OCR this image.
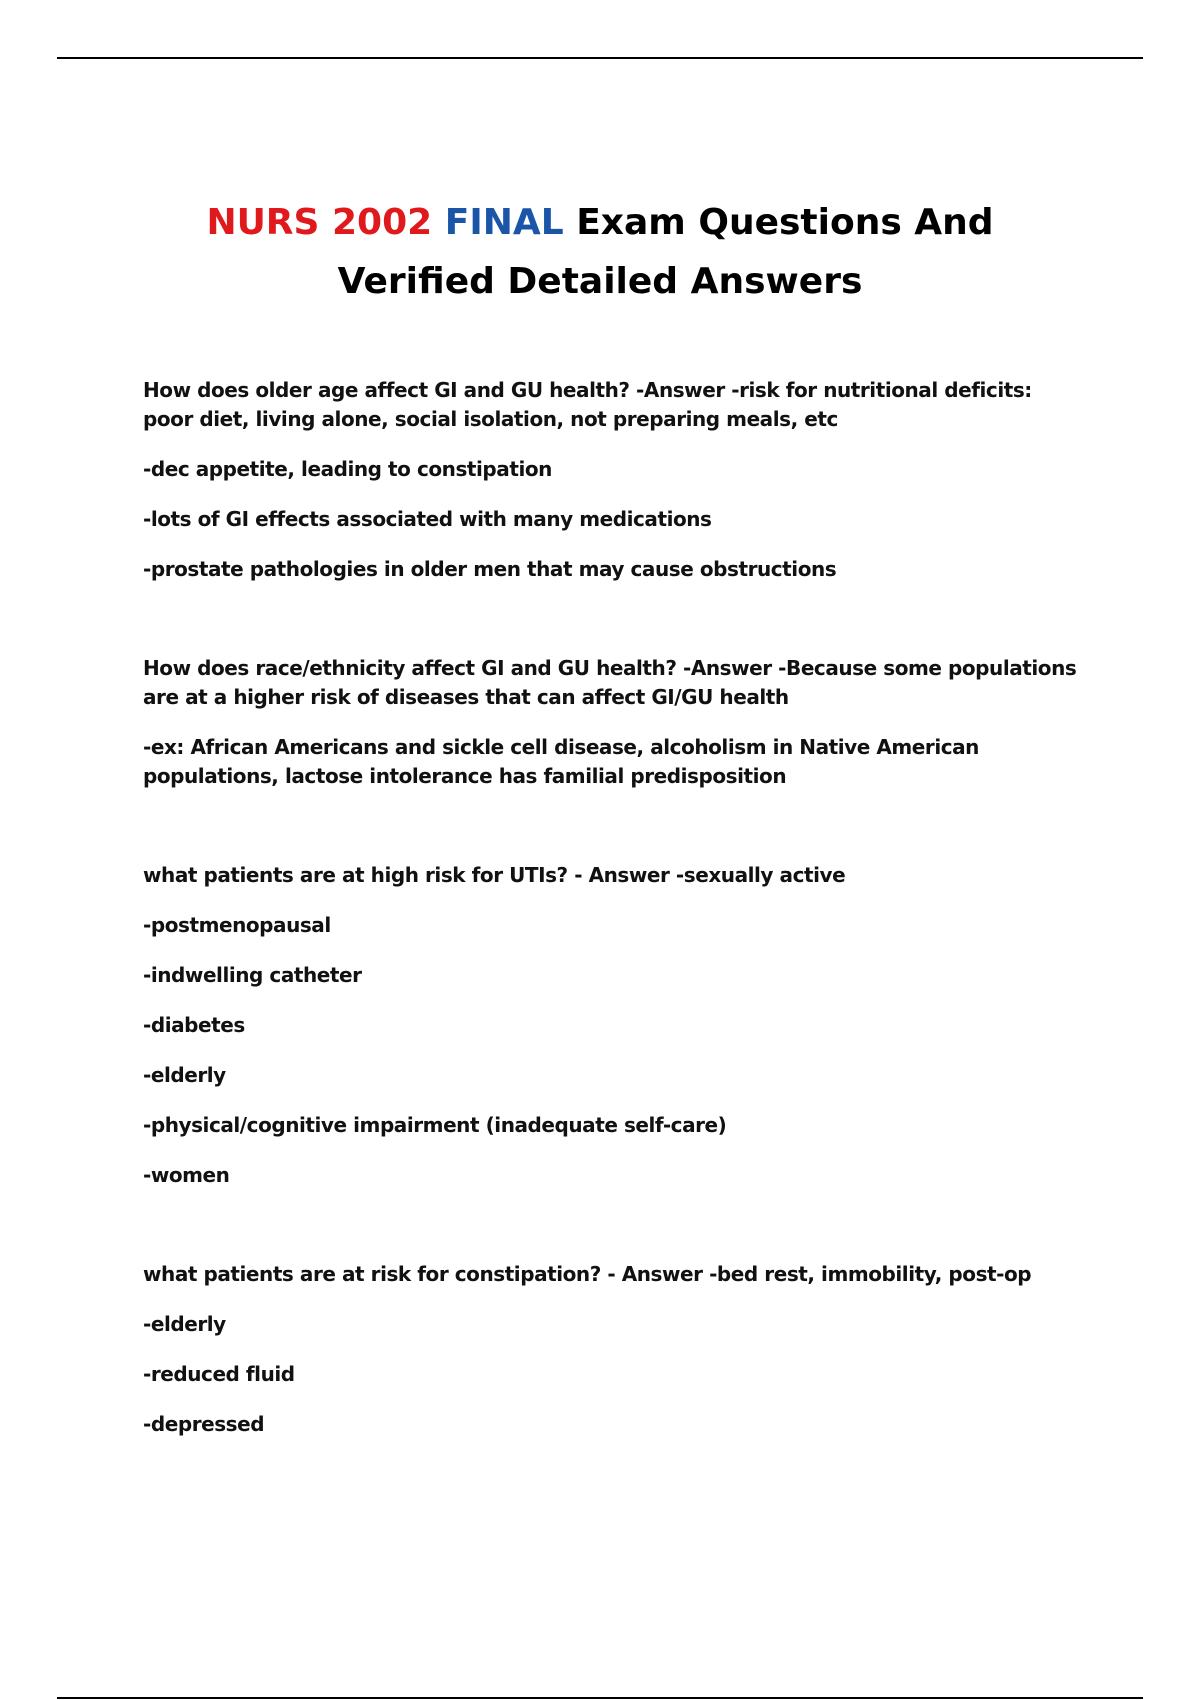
NURS 2002 FINAL Exam Questions And
Verified Detailed Answers

How does older age affect GI and GU health? -Answer -risk for nutritional deficits: poor diet, living alone, social isolation, not preparing meals, etc

-dec appetite, leading to constipation

-lots of GI effects associated with many medications

-prostate pathologies in older men that may cause obstructions

How does race/ethnicity affect GI and GU health? -Answer -Because some populations are at a higher risk of diseases that can affect GI/GU health

-ex: African Americans and sickle cell disease, alcoholism in Native American populations, lactose intolerance has familial predisposition

what patients are at high risk for UTIs? - Answer -sexually active

-postmenopausal

-indwelling catheter

-diabetes

-elderly

-physical/cognitive impairment (inadequate self-care)

-women

what patients are at risk for constipation? - Answer -bed rest, immobility, post-op

-elderly

-reduced fluid

-depressed
